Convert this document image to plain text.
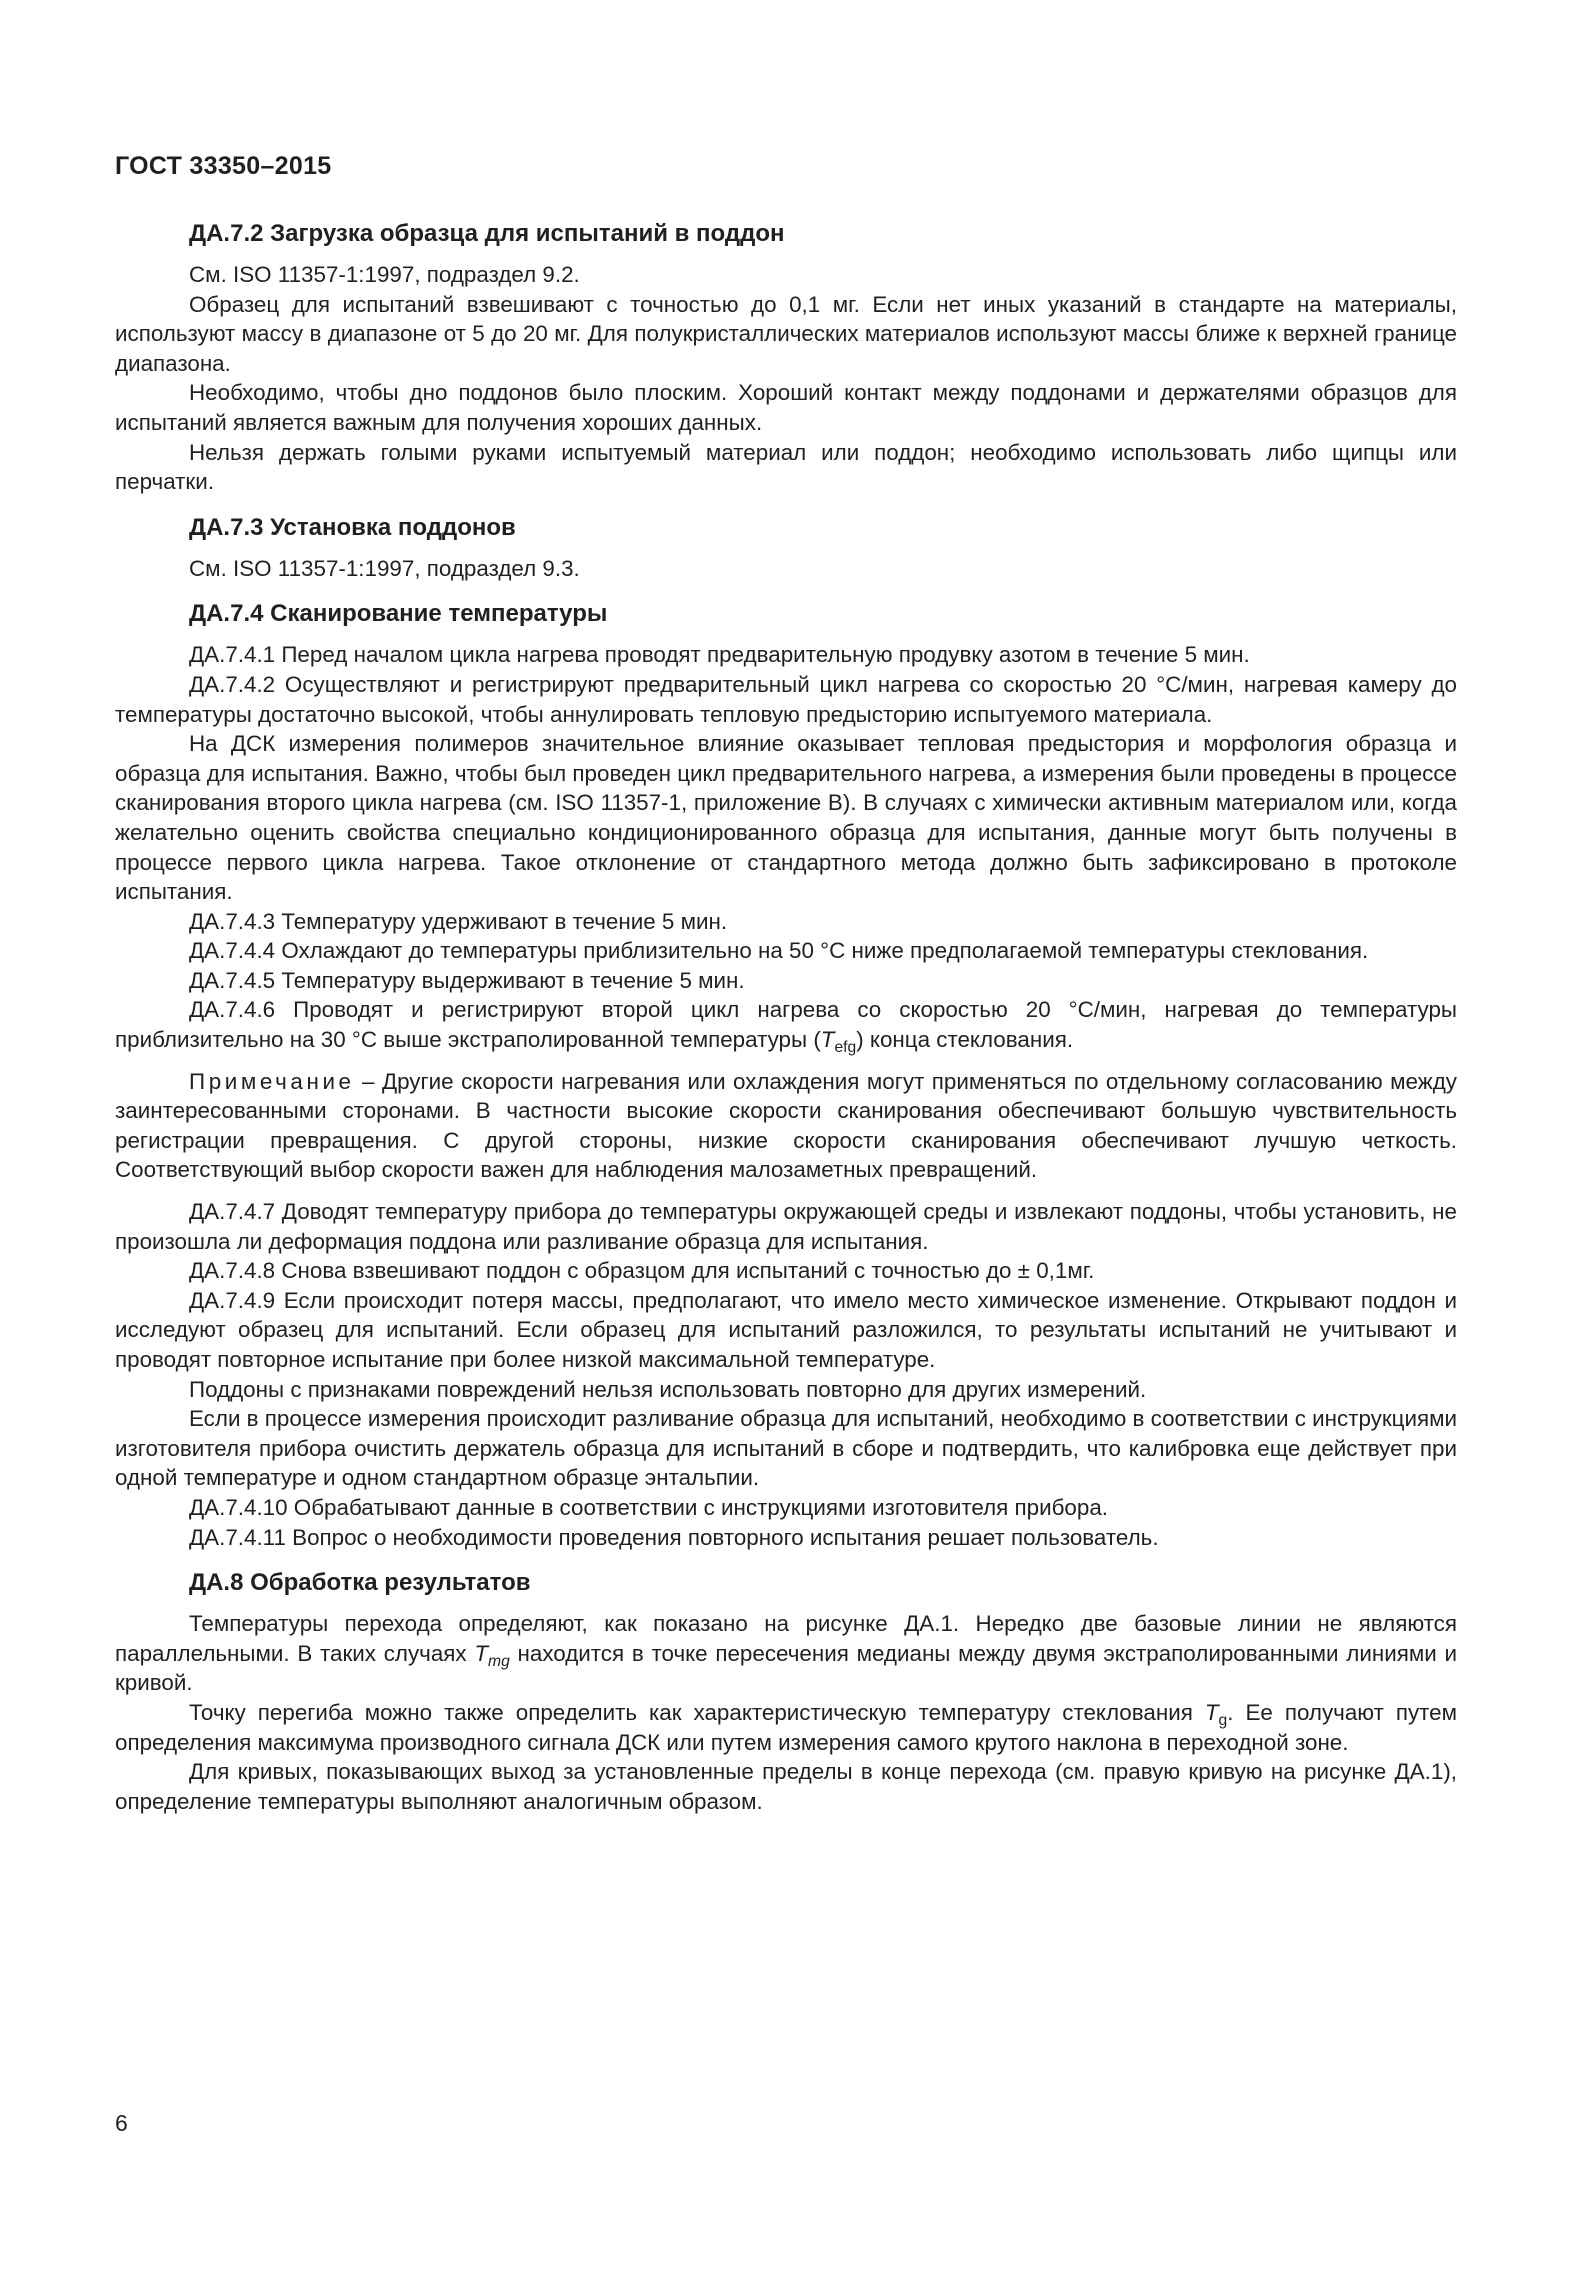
ГОСТ 33350–2015
ДА.7.2 Загрузка образца для испытаний в поддон

См. ISO 11357-1:1997, подраздел 9.2.

Образец для испытаний взвешивают с точностью до 0,1 мг. Если нет иных указаний в стандарте на материалы, используют массу в диапазоне от 5 до 20 мг. Для полукристаллических материалов используют массы ближе к верхней границе диапазона.

Необходимо, чтобы дно поддонов было плоским. Хороший контакт между поддонами и держателями образцов для испытаний является важным для получения хороших данных.

Нельзя держать голыми руками испытуемый материал или поддон; необходимо использовать либо щипцы или перчатки.

ДА.7.3 Установка поддонов

См. ISO 11357-1:1997, подраздел 9.3.

ДА.7.4 Сканирование температуры

ДА.7.4.1 Перед началом цикла нагрева проводят предварительную продувку азотом в течение 5 мин.

ДА.7.4.2 Осуществляют и регистрируют предварительный цикл нагрева со скоростью 20 °С/мин, нагревая камеру до температуры достаточно высокой, чтобы аннулировать тепловую предысторию испытуемого материала.

На ДСК измерения полимеров значительное влияние оказывает тепловая предыстория и морфология образца и образца для испытания. Важно, чтобы был проведен цикл предварительного нагрева, а измерения были проведены в процессе сканирования второго цикла нагрева (см. ISO 11357-1, приложение В). В случаях с химически активным материалом или, когда желательно оценить свойства специально кондиционированного образца для испытания, данные могут быть получены в процессе первого цикла нагрева. Такое отклонение от стандартного метода должно быть зафиксировано в протоколе испытания.

ДА.7.4.3 Температуру удерживают в течение 5 мин.

ДА.7.4.4 Охлаждают до температуры приблизительно на 50 °С ниже предполагаемой температуры стеклования.

ДА.7.4.5 Температуру выдерживают в течение 5 мин.

ДА.7.4.6 Проводят и регистрируют второй цикл нагрева со скоростью 20 °С/мин, нагревая до температуры приблизительно на 30 °С выше экстраполированной температуры $(T_{efg})$ конца стеклования.

Примечание – Другие скорости нагревания или охлаждения могут применяться по отдельному согласованию между заинтересованными сторонами. В частности высокие скорости сканирования обеспечивают большую чувствительность регистрации превращения. С другой стороны, низкие скорости сканирования обеспечивают лучшую четкость. Соответствующий выбор скорости важен для наблюдения малозаметных превращений.

ДА.7.4.7 Доводят температуру прибора до температуры окружающей среды и извлекают поддоны, чтобы установить, не произошла ли деформация поддона или разливание образца для испытания.

ДА.7.4.8 Снова взвешивают поддон с образцом для испытаний с точностью до ± 0,1мг.

ДА.7.4.9 Если происходит потеря массы, предполагают, что имело место химическое изменение. Открывают поддон и исследуют образец для испытаний. Если образец для испытаний разложился, то результаты испытаний не учитывают и проводят повторное испытание при более низкой максимальной температуре.

Поддоны с признаками повреждений нельзя использовать повторно для других измерений.

Если в процессе измерения происходит разливание образца для испытаний, необходимо в соответствии с инструкциями изготовителя прибора очистить держатель образца для испытаний в сборе и подтвердить, что калибровка еще действует при одной температуре и одном стандартном образце энтальпии.

ДА.7.4.10 Обрабатывают данные в соответствии с инструкциями изготовителя прибора.

ДА.7.4.11 Вопрос о необходимости проведения повторного испытания решает пользователь.

ДА.8 Обработка результатов

Температуры перехода определяют, как показано на рисунке ДА.1. Нередко две базовые линии не являются параллельными. В таких случаях $T_{mg}$ находится в точке пересечения медианы между двумя экстраполированными линиями и кривой.

Точку перегиба можно также определить как характеристическую температуру стеклования $T_g$. Ее получают путем определения максимума производного сигнала ДСК или путем измерения самого крутого наклона в переходной зоне.

Для кривых, показывающих выход за установленные пределы в конце перехода (см. правую кривую на рисунке ДА.1), определение температуры выполняют аналогичным образом.

6
